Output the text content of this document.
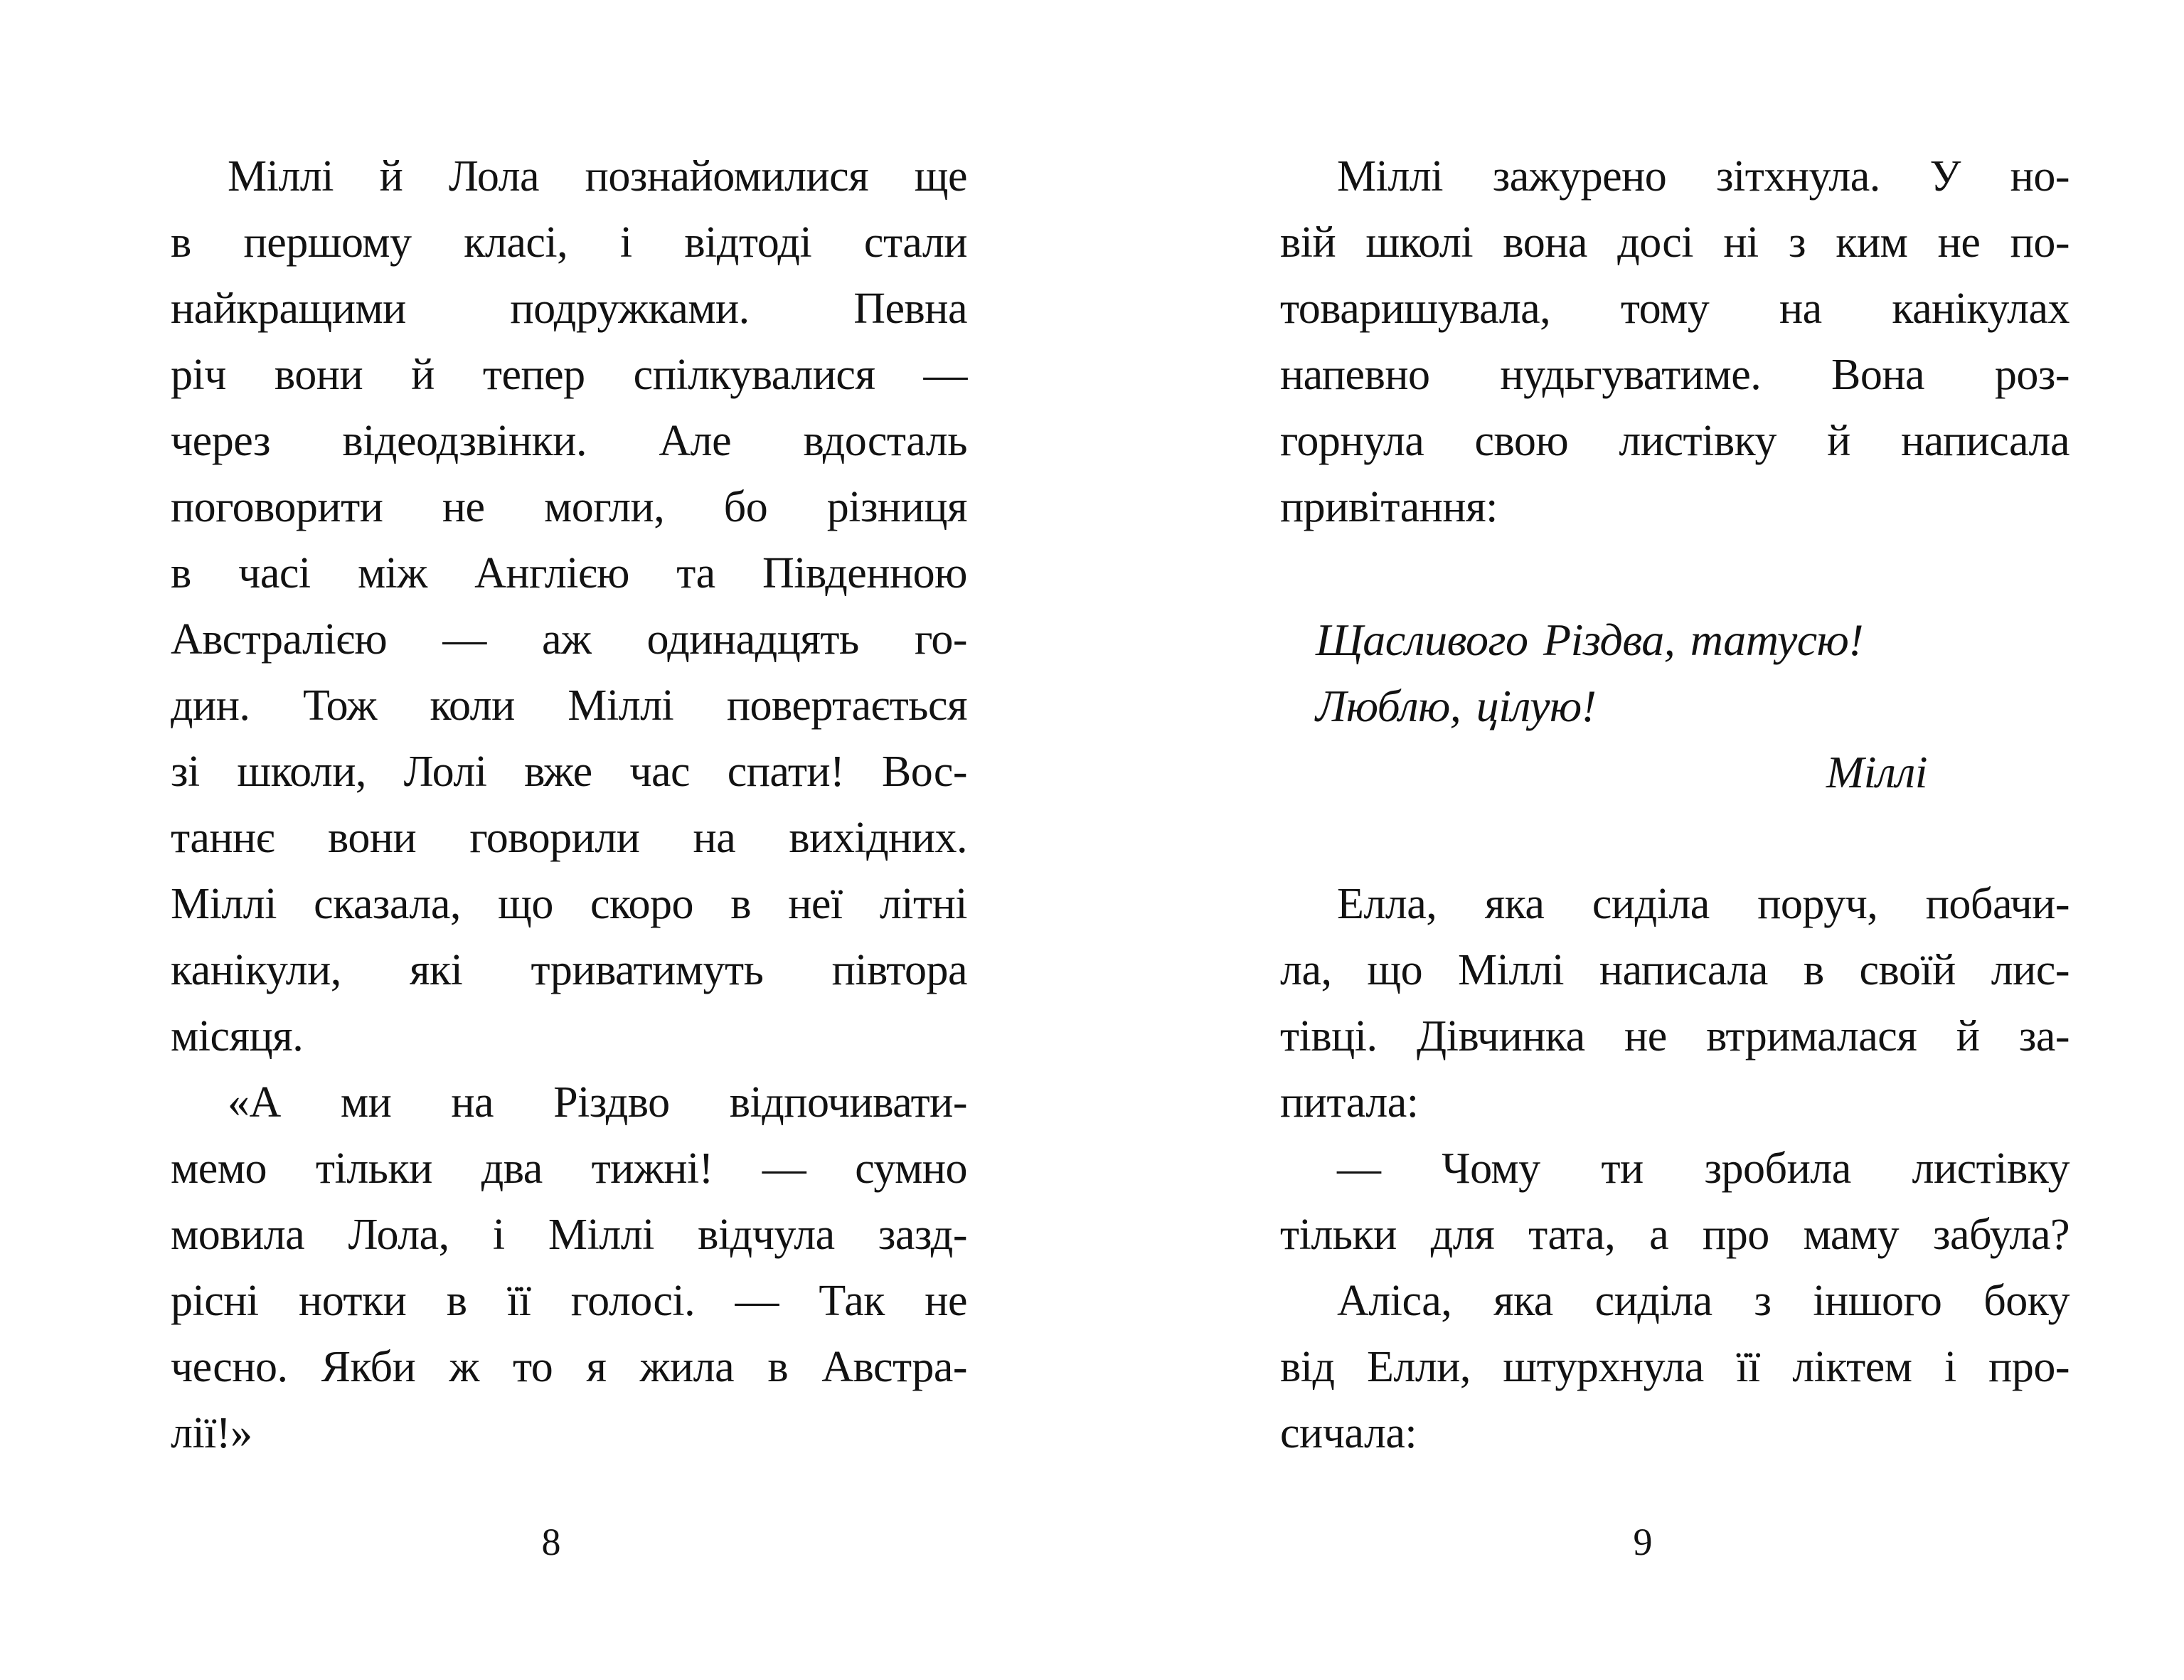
Міллі й Лола познайомилися ще
в першому класі, і відтоді стали
найкращими подружками. Певна
річ вони й тепер спілкувалися —
через відеодзвінки. Але вдосталь
поговорити не могли, бо різниця
в часі між Англією та Південною
Австралією — аж одинадцять го-
дин. Тож коли Міллі повертається
зі школи, Лолі вже час спати! Вос-
таннє вони говорили на вихідних.
Міллі сказала, що скоро в неї літні
канікули, які триватимуть півтора
місяця.
«А ми на Різдво відпочивати-
мемо тільки два тижні! — сумно
мовила Лола, і Міллі відчула зазд-
рісні нотки в її голосі. — Так не
чесно. Якби ж то я жила в Австра-
лії!»
8
Міллі зажурено зітхнула. У но-
вій школі вона досі ні з ким не по-
товаришувала, тому на канікулах
напевно нудьгуватиме. Вона роз-
горнула свою листівку й написала
привітання:
Щасливого Різдва, татусю!
Люблю, цілую!
Міллі
Елла, яка сиділа поруч, побачи-
ла, що Міллі написала в своїй лис-
тівці. Дівчинка не втрималася й за-
питала:
— Чому ти зробила листівку
тільки для тата, а про маму забула?
Аліса, яка сиділа з іншого боку
від Елли, штурхнула її ліктем і про-
сичала:
9
